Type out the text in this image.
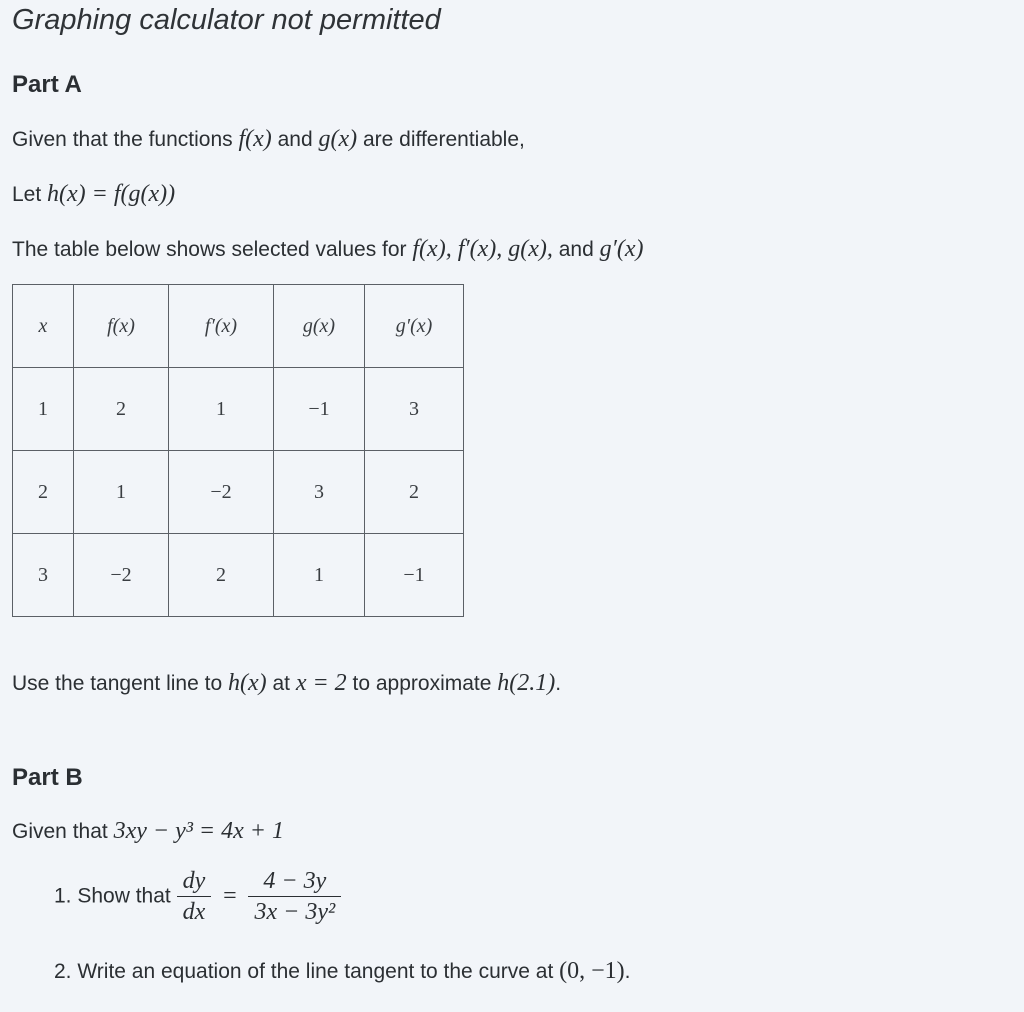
Graphing calculator not permitted
Part A
Given that the functions f(x) and g(x) are differentiable,
Let h(x) = f(g(x))
The table below shows selected values for f(x), f′(x), g(x), and g′(x)
x	f(x)	f′(x)	g(x)	g′(x)
1	2	1	−1	3
2	1	−2	3	2
3	−2	2	1	−1
Use the tangent line to h(x) at x = 2 to approximate h(2.1).
Part B
Given that 3xy − y³ = 4x + 1
1. Show that $\frac{dy}{dx} = \frac{4 - 3y}{\text{3x − 3y²}}$
2. Write an equation of the line tangent to the curve at (0, −1).
